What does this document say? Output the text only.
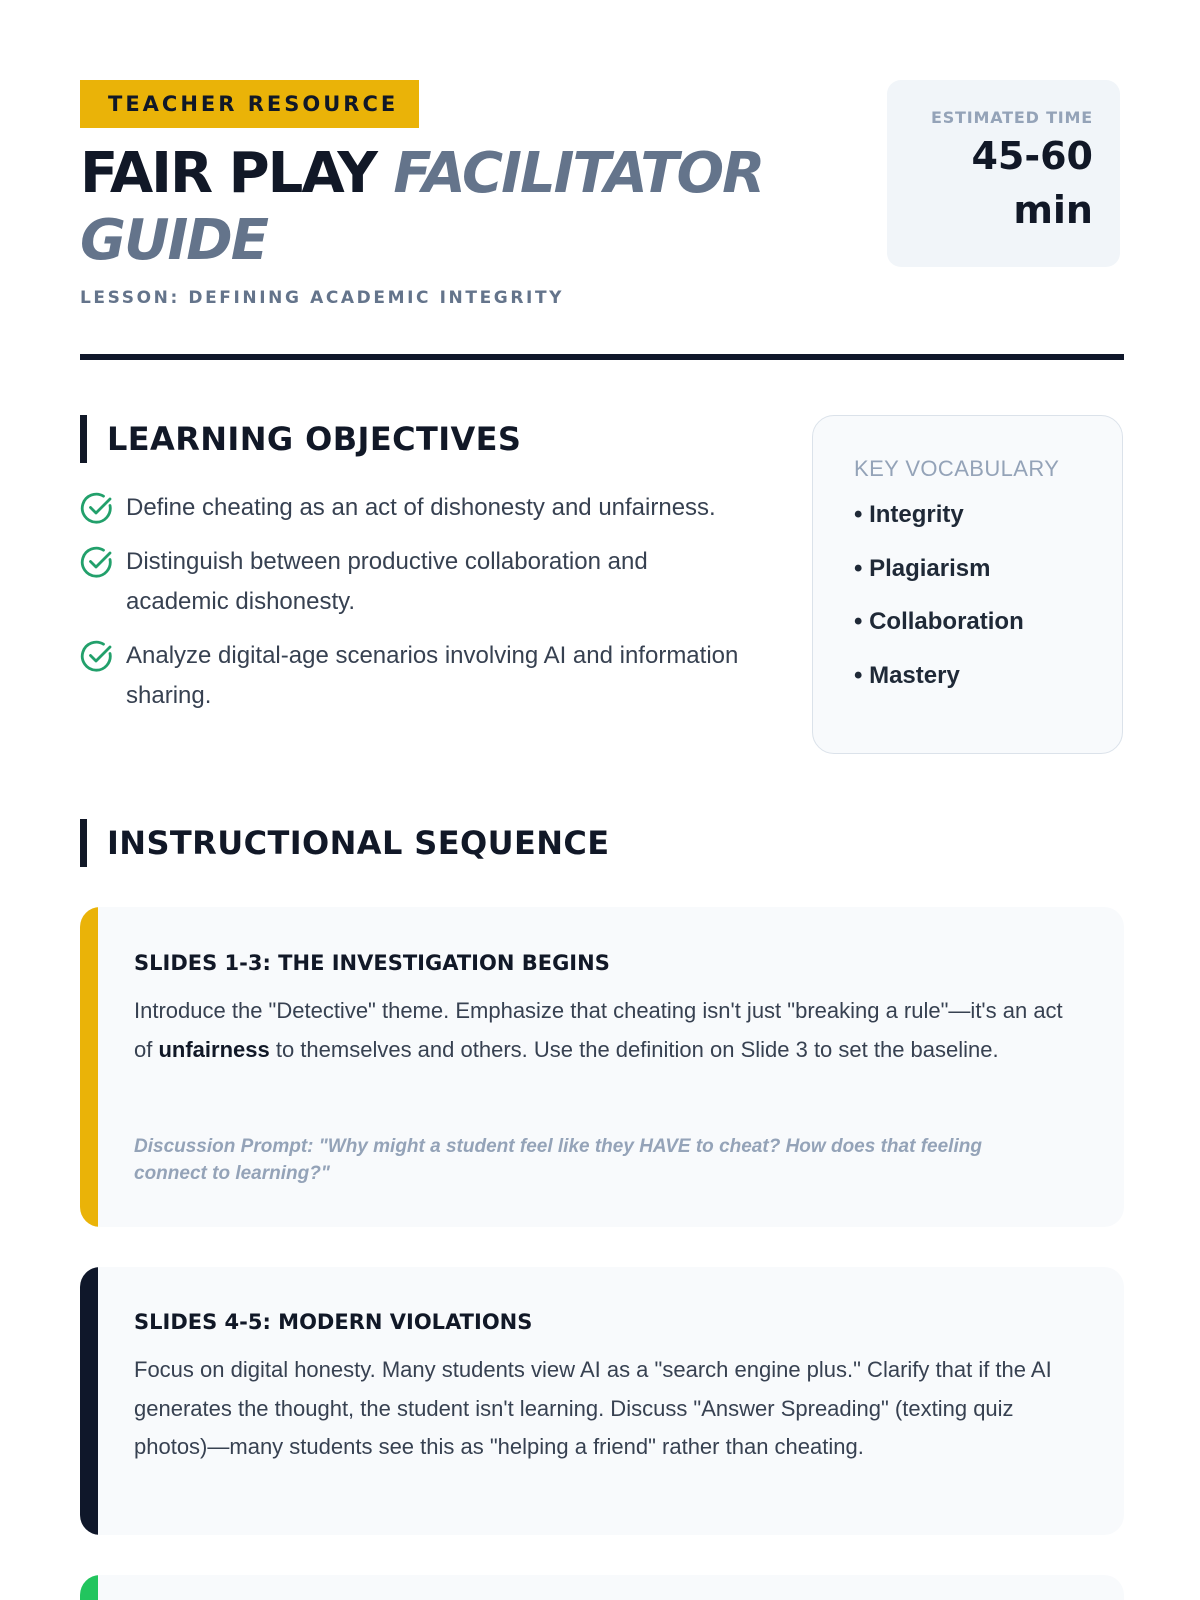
TEACHER RESOURCE
FAIR PLAY FACILITATOR GUIDE
LESSON: DEFINING ACADEMIC INTEGRITY
ESTIMATED TIME
45-60
min
LEARNING OBJECTIVES
Define cheating as an act of dishonesty and unfairness.
Distinguish between productive collaboration and academic dishonesty.
Analyze digital-age scenarios involving AI and information sharing.
KEY VOCABULARY
• Integrity
• Plagiarism
• Collaboration
• Mastery
INSTRUCTIONAL SEQUENCE
SLIDES 1-3: THE INVESTIGATION BEGINS
Introduce the "Detective" theme. Emphasize that cheating isn't just "breaking a rule"—it's an act of unfairness to themselves and others. Use the definition on Slide 3 to set the baseline.
Discussion Prompt: "Why might a student feel like they HAVE to cheat? How does that feeling connect to learning?"
SLIDES 4-5: MODERN VIOLATIONS
Focus on digital honesty. Many students view AI as a "search engine plus." Clarify that if the AI generates the thought, the student isn't learning. Discuss "Answer Spreading" (texting quiz photos)—many students see this as "helping a friend" rather than cheating.
